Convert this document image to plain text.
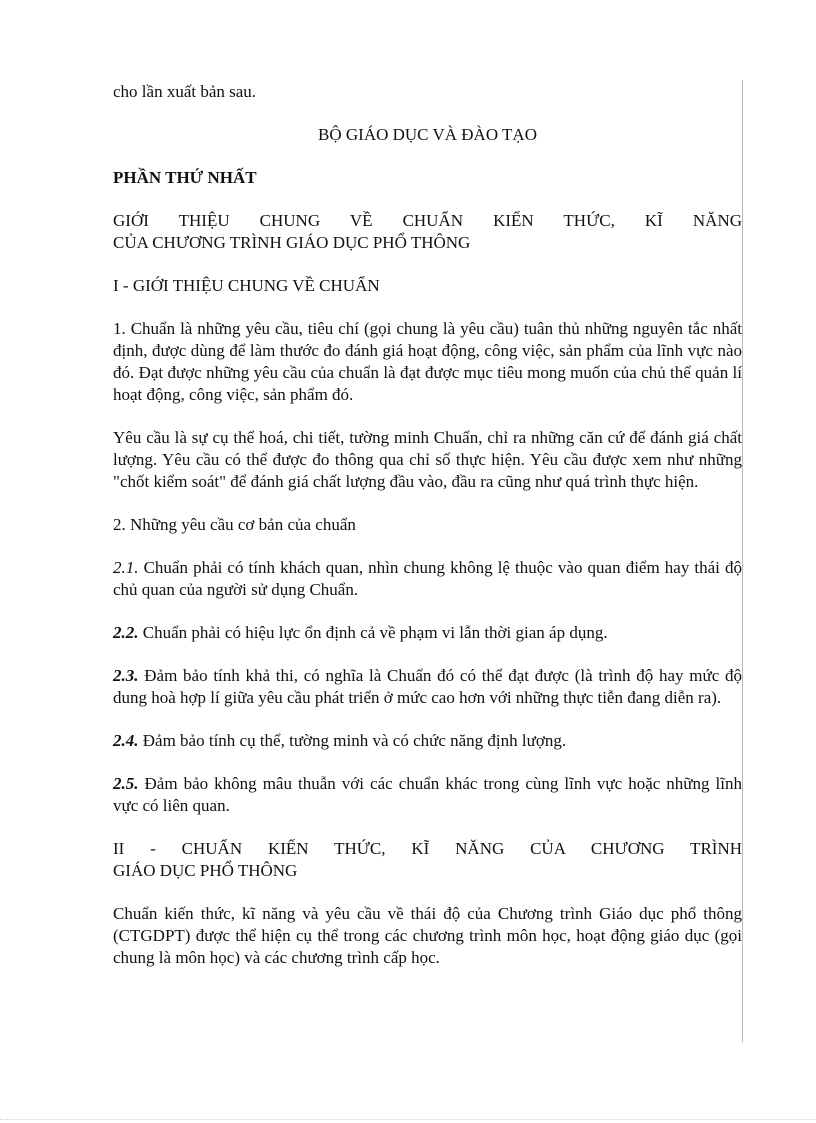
cho lần xuất bản sau.

BỘ GIÁO DỤC VÀ ĐÀO TẠO

PHẦN THỨ NHẤT

GIỚI THIỆU CHUNG VỀ CHUẨN KIẾN THỨC, KĨ NĂNG

CỦA CHƯƠNG TRÌNH GIÁO DỤC PHỔ THÔNG

I - GIỚI THIỆU CHUNG VỀ CHUẨN

1. Chuẩn là những yêu cầu, tiêu chí (gọi chung là yêu cầu) tuân thủ những nguyên tắc nhất định, được dùng để làm thước đo đánh giá hoạt động, công việc, sản phẩm của lĩnh vực nào đó. Đạt được những yêu cầu của chuẩn là đạt được mục tiêu mong muốn của chủ thể quản lí hoạt động, công việc, sản phẩm đó.

Yêu cầu là sự cụ thể hoá, chi tiết, tường minh Chuẩn, chỉ ra những căn cứ để đánh giá chất lượng. Yêu cầu có thể được đo thông qua chỉ số thực hiện. Yêu cầu được xem như những "chốt kiểm soát" để đánh giá chất lượng đầu vào, đầu ra cũng như quá trình thực hiện.

2. Những yêu cầu cơ bản của chuẩn

2.1. Chuẩn phải có tính khách quan, nhìn chung không lệ thuộc vào quan điểm hay thái độ chủ quan của người sử dụng Chuẩn.

2.2. Chuẩn phải có hiệu lực ổn định cả về phạm vi lẫn thời gian áp dụng.

2.3. Đảm bảo tính khả thi, có nghĩa là Chuẩn đó có thể đạt được (là trình độ hay mức độ dung hoà hợp lí giữa yêu cầu phát triển ở mức cao hơn với những thực tiễn đang diễn ra).

2.4. Đảm bảo tính cụ thể, tường minh và có chức năng định lượng.

2.5. Đảm bảo không mâu thuẫn với các chuẩn khác trong cùng lĩnh vực hoặc những lĩnh vực có liên quan.

II - CHUẨN KIẾN THỨC, KĨ NĂNG CỦA CHƯƠNG TRÌNH

GIÁO DỤC PHỔ THÔNG

Chuẩn kiến thức, kĩ năng và yêu cầu về thái độ của Chương trình Giáo dục phổ thông (CTGDPT) được thể hiện cụ thể trong các chương trình môn học, hoạt động giáo dục (gọi chung là môn học) và các chương trình cấp học.
